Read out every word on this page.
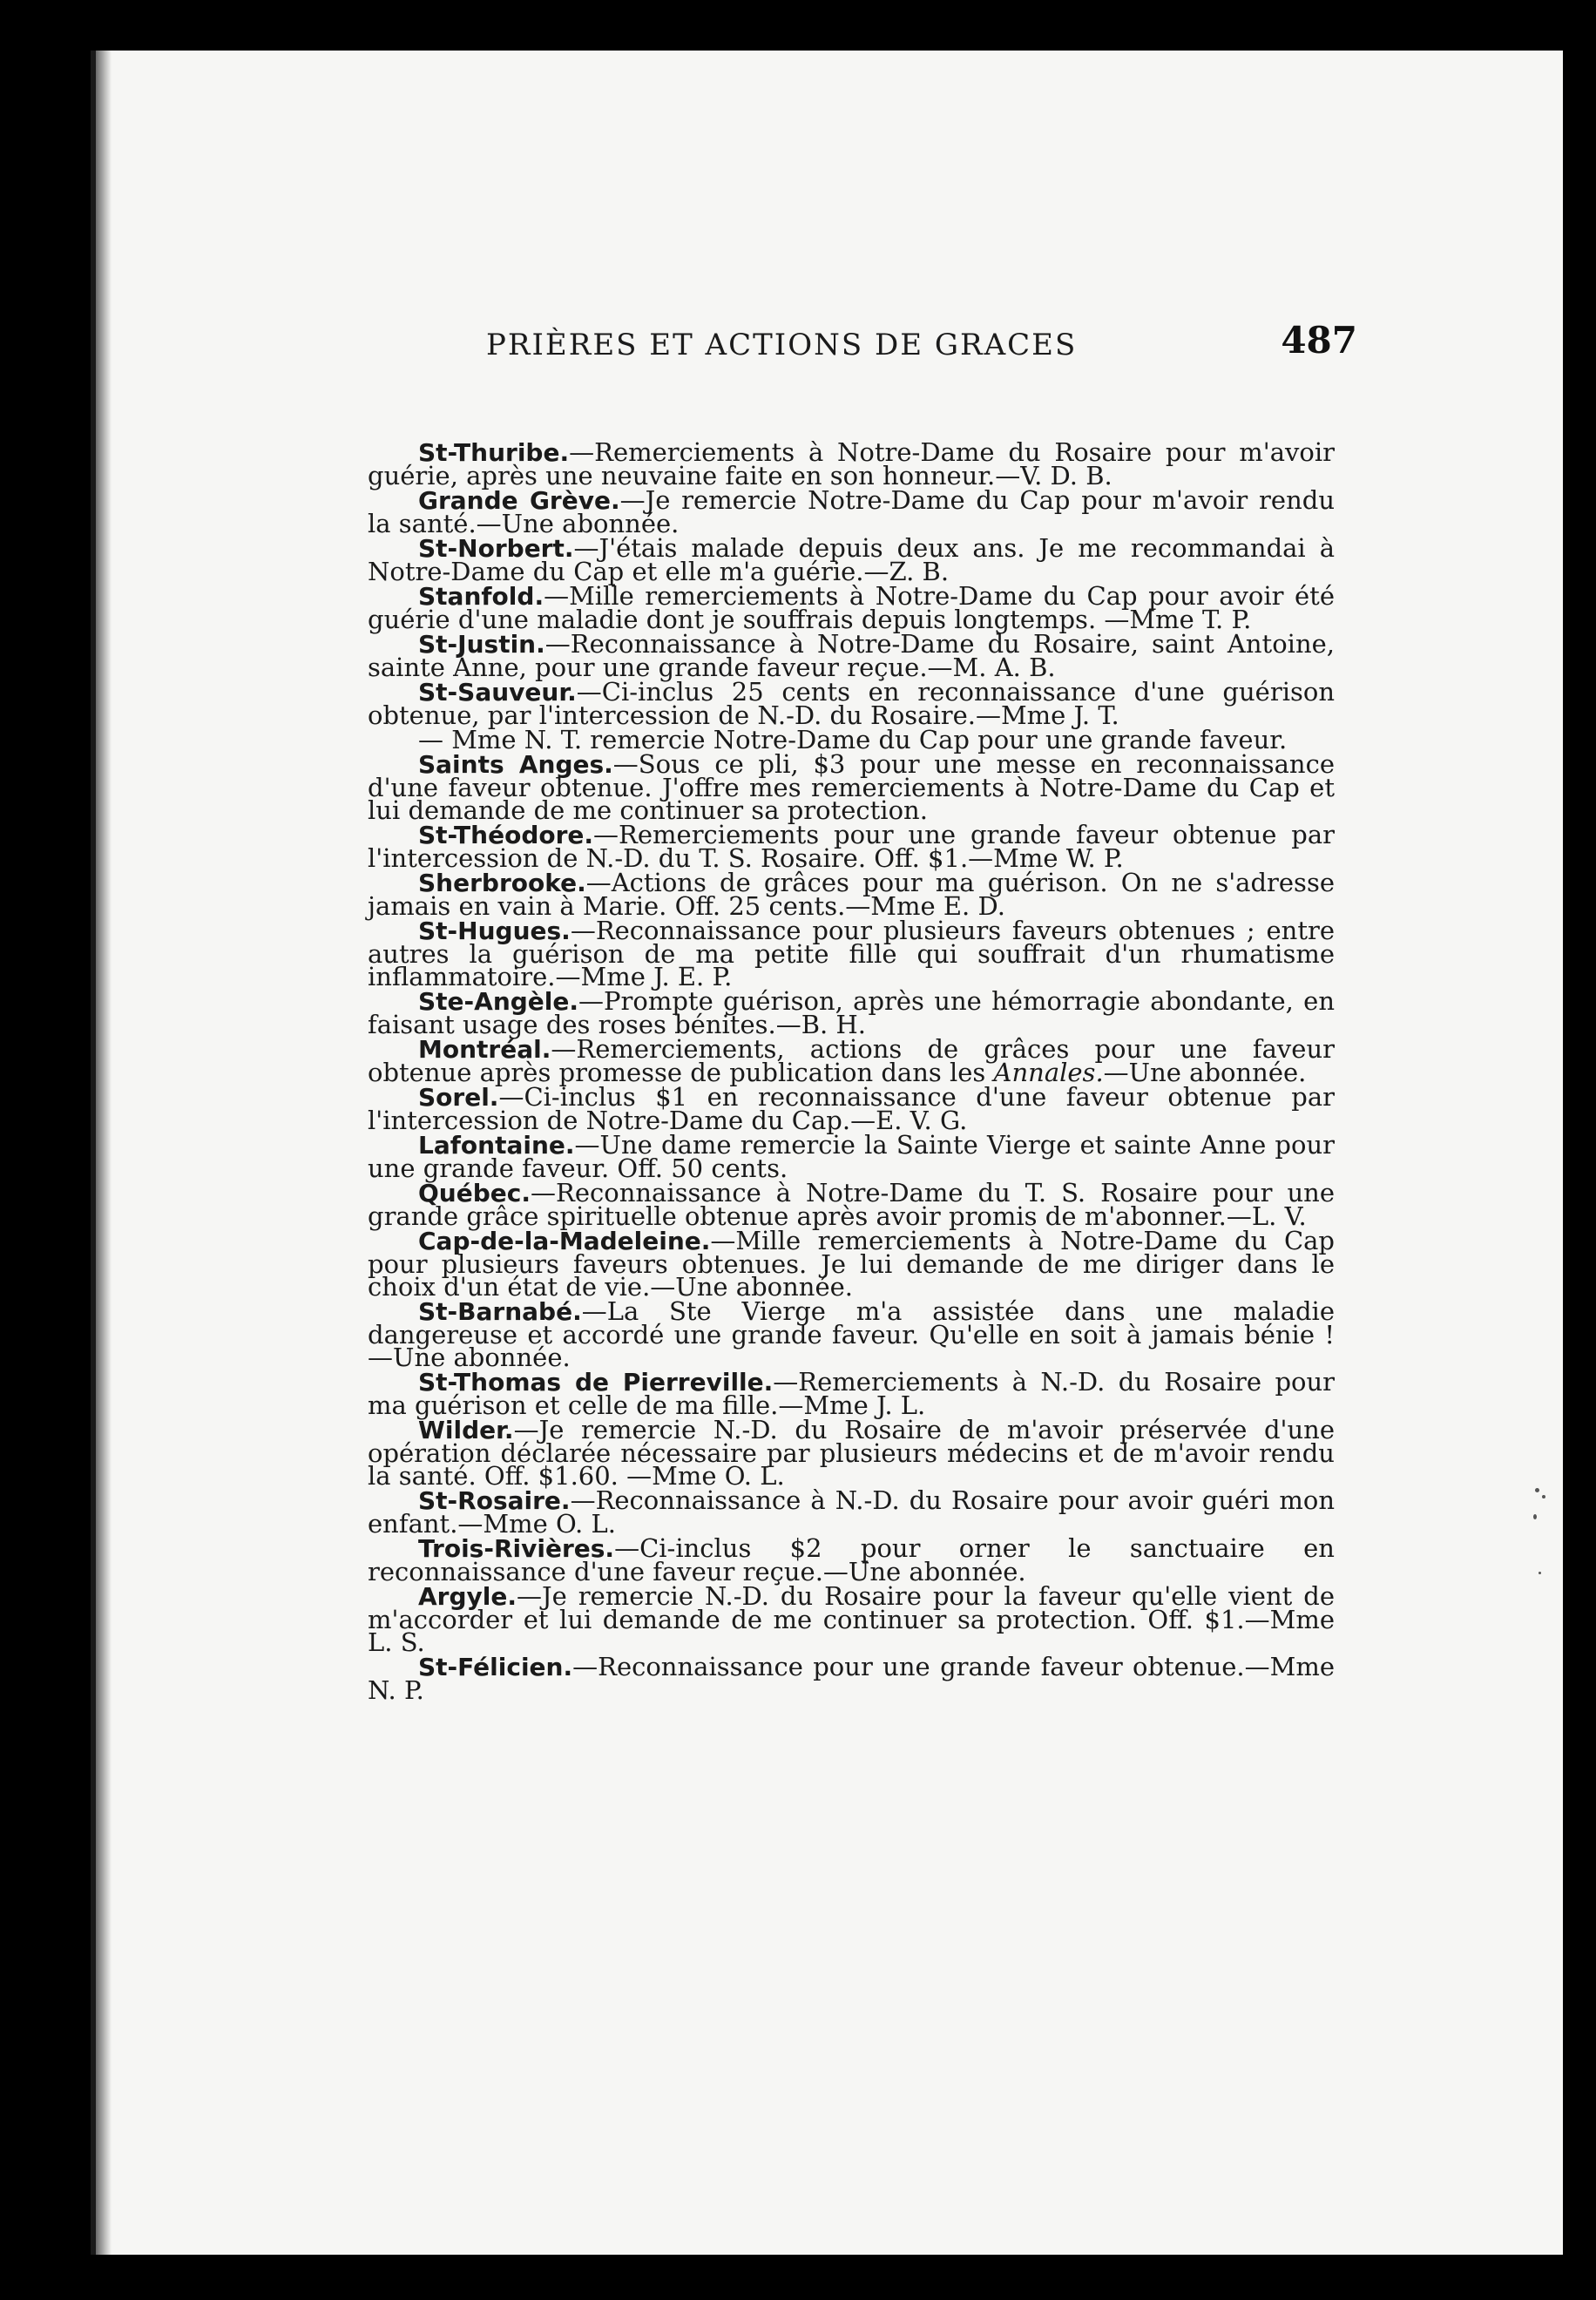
PRIÈRES ET ACTIONS DE GRACES	487

St-Thuribe.—Remerciements à Notre-Dame du Rosaire pour m'avoir guérie, après une neuvaine faite en son honneur.—V. D. B.

Grande Grève.—Je remercie Notre-Dame du Cap pour m'avoir rendu la santé.—Une abonnée.

St-Norbert.—J'étais malade depuis deux ans. Je me recommandai à Notre-Dame du Cap et elle m'a guérie.—Z. B.

Stanfold.—Mille remerciements à Notre-Dame du Cap pour avoir été guérie d'une maladie dont je souffrais depuis longtemps. —Mme T. P.

St-Justin.—Reconnaissance à Notre-Dame du Rosaire, saint Antoine, sainte Anne, pour une grande faveur reçue.—M. A. B.

St-Sauveur.—Ci-inclus 25 cents en reconnaissance d'une guérison obtenue, par l'intercession de N.-D. du Rosaire.—Mme J. T.

— Mme N. T. remercie Notre-Dame du Cap pour une grande faveur.

Saints Anges.—Sous ce pli, $3 pour une messe en reconnaissance d'une faveur obtenue. J'offre mes remerciements à Notre-Dame du Cap et lui demande de me continuer sa protection.

St-Théodore.—Remerciements pour une grande faveur obtenue par l'intercession de N.-D. du T. S. Rosaire. Off. $1.—Mme W. P.

Sherbrooke.—Actions de grâces pour ma guérison. On ne s'adresse jamais en vain à Marie. Off. 25 cents.—Mme E. D.

St-Hugues.—Reconnaissance pour plusieurs faveurs obtenues ; entre autres la guérison de ma petite fille qui souffrait d'un rhumatisme inflammatoire.—Mme J. E. P.

Ste-Angèle.—Prompte guérison, après une hémorragie abondante, en faisant usage des roses bénites.—B. H.

Montréal.—Remerciements, actions de grâces pour une faveur obtenue après promesse de publication dans les Annales.—Une abonnée.

Sorel.—Ci-inclus $1 en reconnaissance d'une faveur obtenue par l'intercession de Notre-Dame du Cap.—E. V. G.

Lafontaine.—Une dame remercie la Sainte Vierge et sainte Anne pour une grande faveur. Off. 50 cents.

Québec.—Reconnaissance à Notre-Dame du T. S. Rosaire pour une grande grâce spirituelle obtenue après avoir promis de m'abonner.—L. V.

Cap-de-la-Madeleine.—Mille remerciements à Notre-Dame du Cap pour plusieurs faveurs obtenues. Je lui demande de me diriger dans le choix d'un état de vie.—Une abonnée.

St-Barnabé.—La Ste Vierge m'a assistée dans une maladie dangereuse et accordé une grande faveur. Qu'elle en soit à jamais bénie ! —Une abonnée.

St-Thomas de Pierreville.—Remerciements à N.-D. du Rosaire pour ma guérison et celle de ma fille.—Mme J. L.

Wilder.—Je remercie N.-D. du Rosaire de m'avoir préservée d'une opération déclarée nécessaire par plusieurs médecins et de m'avoir rendu la santé. Off. $1.60. —Mme O. L.

St-Rosaire.—Reconnaissance à N.-D. du Rosaire pour avoir guéri mon enfant.—Mme O. L.

Trois-Rivières.—Ci-inclus $2 pour orner le sanctuaire en reconnaissance d'une faveur reçue.—Une abonnée.

Argyle.—Je remercie N.-D. du Rosaire pour la faveur qu'elle vient de m'accorder et lui demande de me continuer sa protection. Off. $1.—Mme L. S.

St-Félicien.—Reconnaissance pour une grande faveur obtenue.—Mme N. P.
